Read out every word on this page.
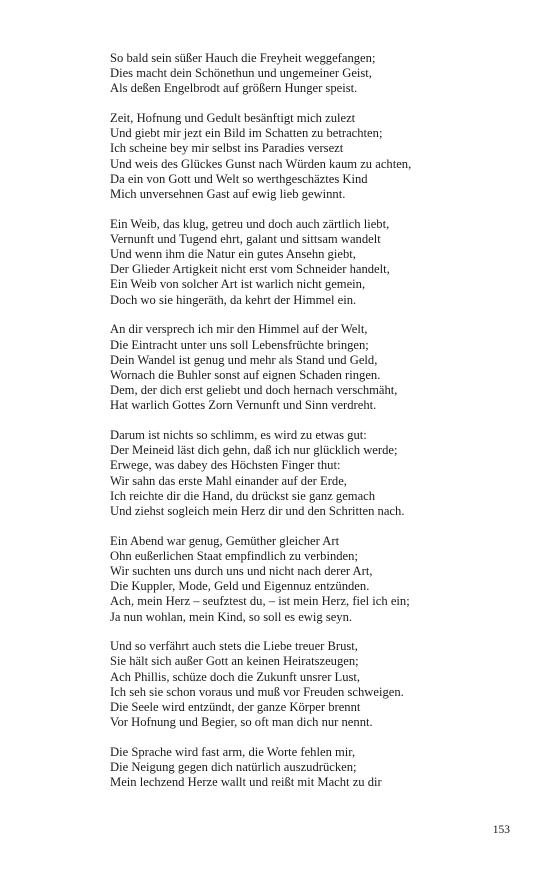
So bald sein süßer Hauch die Freyheit weggefangen;
Dies macht dein Schönethun und ungemeiner Geist,
Als deßen Engelbrodt auf größern Hunger speist.
Zeit, Hofnung und Gedult besänftigt mich zulezt
Und giebt mir jezt ein Bild im Schatten zu betrachten;
Ich scheine bey mir selbst ins Paradies versezt
Und weis des Glückes Gunst nach Würden kaum zu achten,
Da ein von Gott und Welt so werthgeschäztes Kind
Mich unversehnen Gast auf ewig lieb gewinnt.
Ein Weib, das klug, getreu und doch auch zärtlich liebt,
Vernunft und Tugend ehrt, galant und sittsam wandelt
Und wenn ihm die Natur ein gutes Ansehn giebt,
Der Glieder Artigkeit nicht erst vom Schneider handelt,
Ein Weib von solcher Art ist warlich nicht gemein,
Doch wo sie hingeräth, da kehrt der Himmel ein.
An dir versprech ich mir den Himmel auf der Welt,
Die Eintracht unter uns soll Lebensfrüchte bringen;
Dein Wandel ist genug und mehr als Stand und Geld,
Wornach die Buhler sonst auf eignen Schaden ringen.
Dem, der dich erst geliebt und doch hernach verschmäht,
Hat warlich Gottes Zorn Vernunft und Sinn verdreht.
Darum ist nichts so schlimm, es wird zu etwas gut:
Der Meineid läst dich gehn, daß ich nur glücklich werde;
Erwege, was dabey des Höchsten Finger thut:
Wir sahn das erste Mahl einander auf der Erde,
Ich reichte dir die Hand, du drückst sie ganz gemach
Und ziehst sogleich mein Herz dir und den Schritten nach.
Ein Abend war genug, Gemüther gleicher Art
Ohn eußerlichen Staat empfindlich zu verbinden;
Wir suchten uns durch uns und nicht nach derer Art,
Die Kuppler, Mode, Geld und Eigennuz entzünden.
Ach, mein Herz – seufztest du, – ist mein Herz, fiel ich ein;
Ja nun wohlan, mein Kind, so soll es ewig seyn.
Und so verfährt auch stets die Liebe treuer Brust,
Sie hält sich außer Gott an keinen Heiratszeugen;
Ach Phillis, schüze doch die Zukunft unsrer Lust,
Ich seh sie schon voraus und muß vor Freuden schweigen.
Die Seele wird entzündt, der ganze Körper brennt
Vor Hofnung und Begier, so oft man dich nur nennt.
Die Sprache wird fast arm, die Worte fehlen mir,
Die Neigung gegen dich natürlich auszudrücken;
Mein lechzend Herze wallt und reißt mit Macht zu dir
153
